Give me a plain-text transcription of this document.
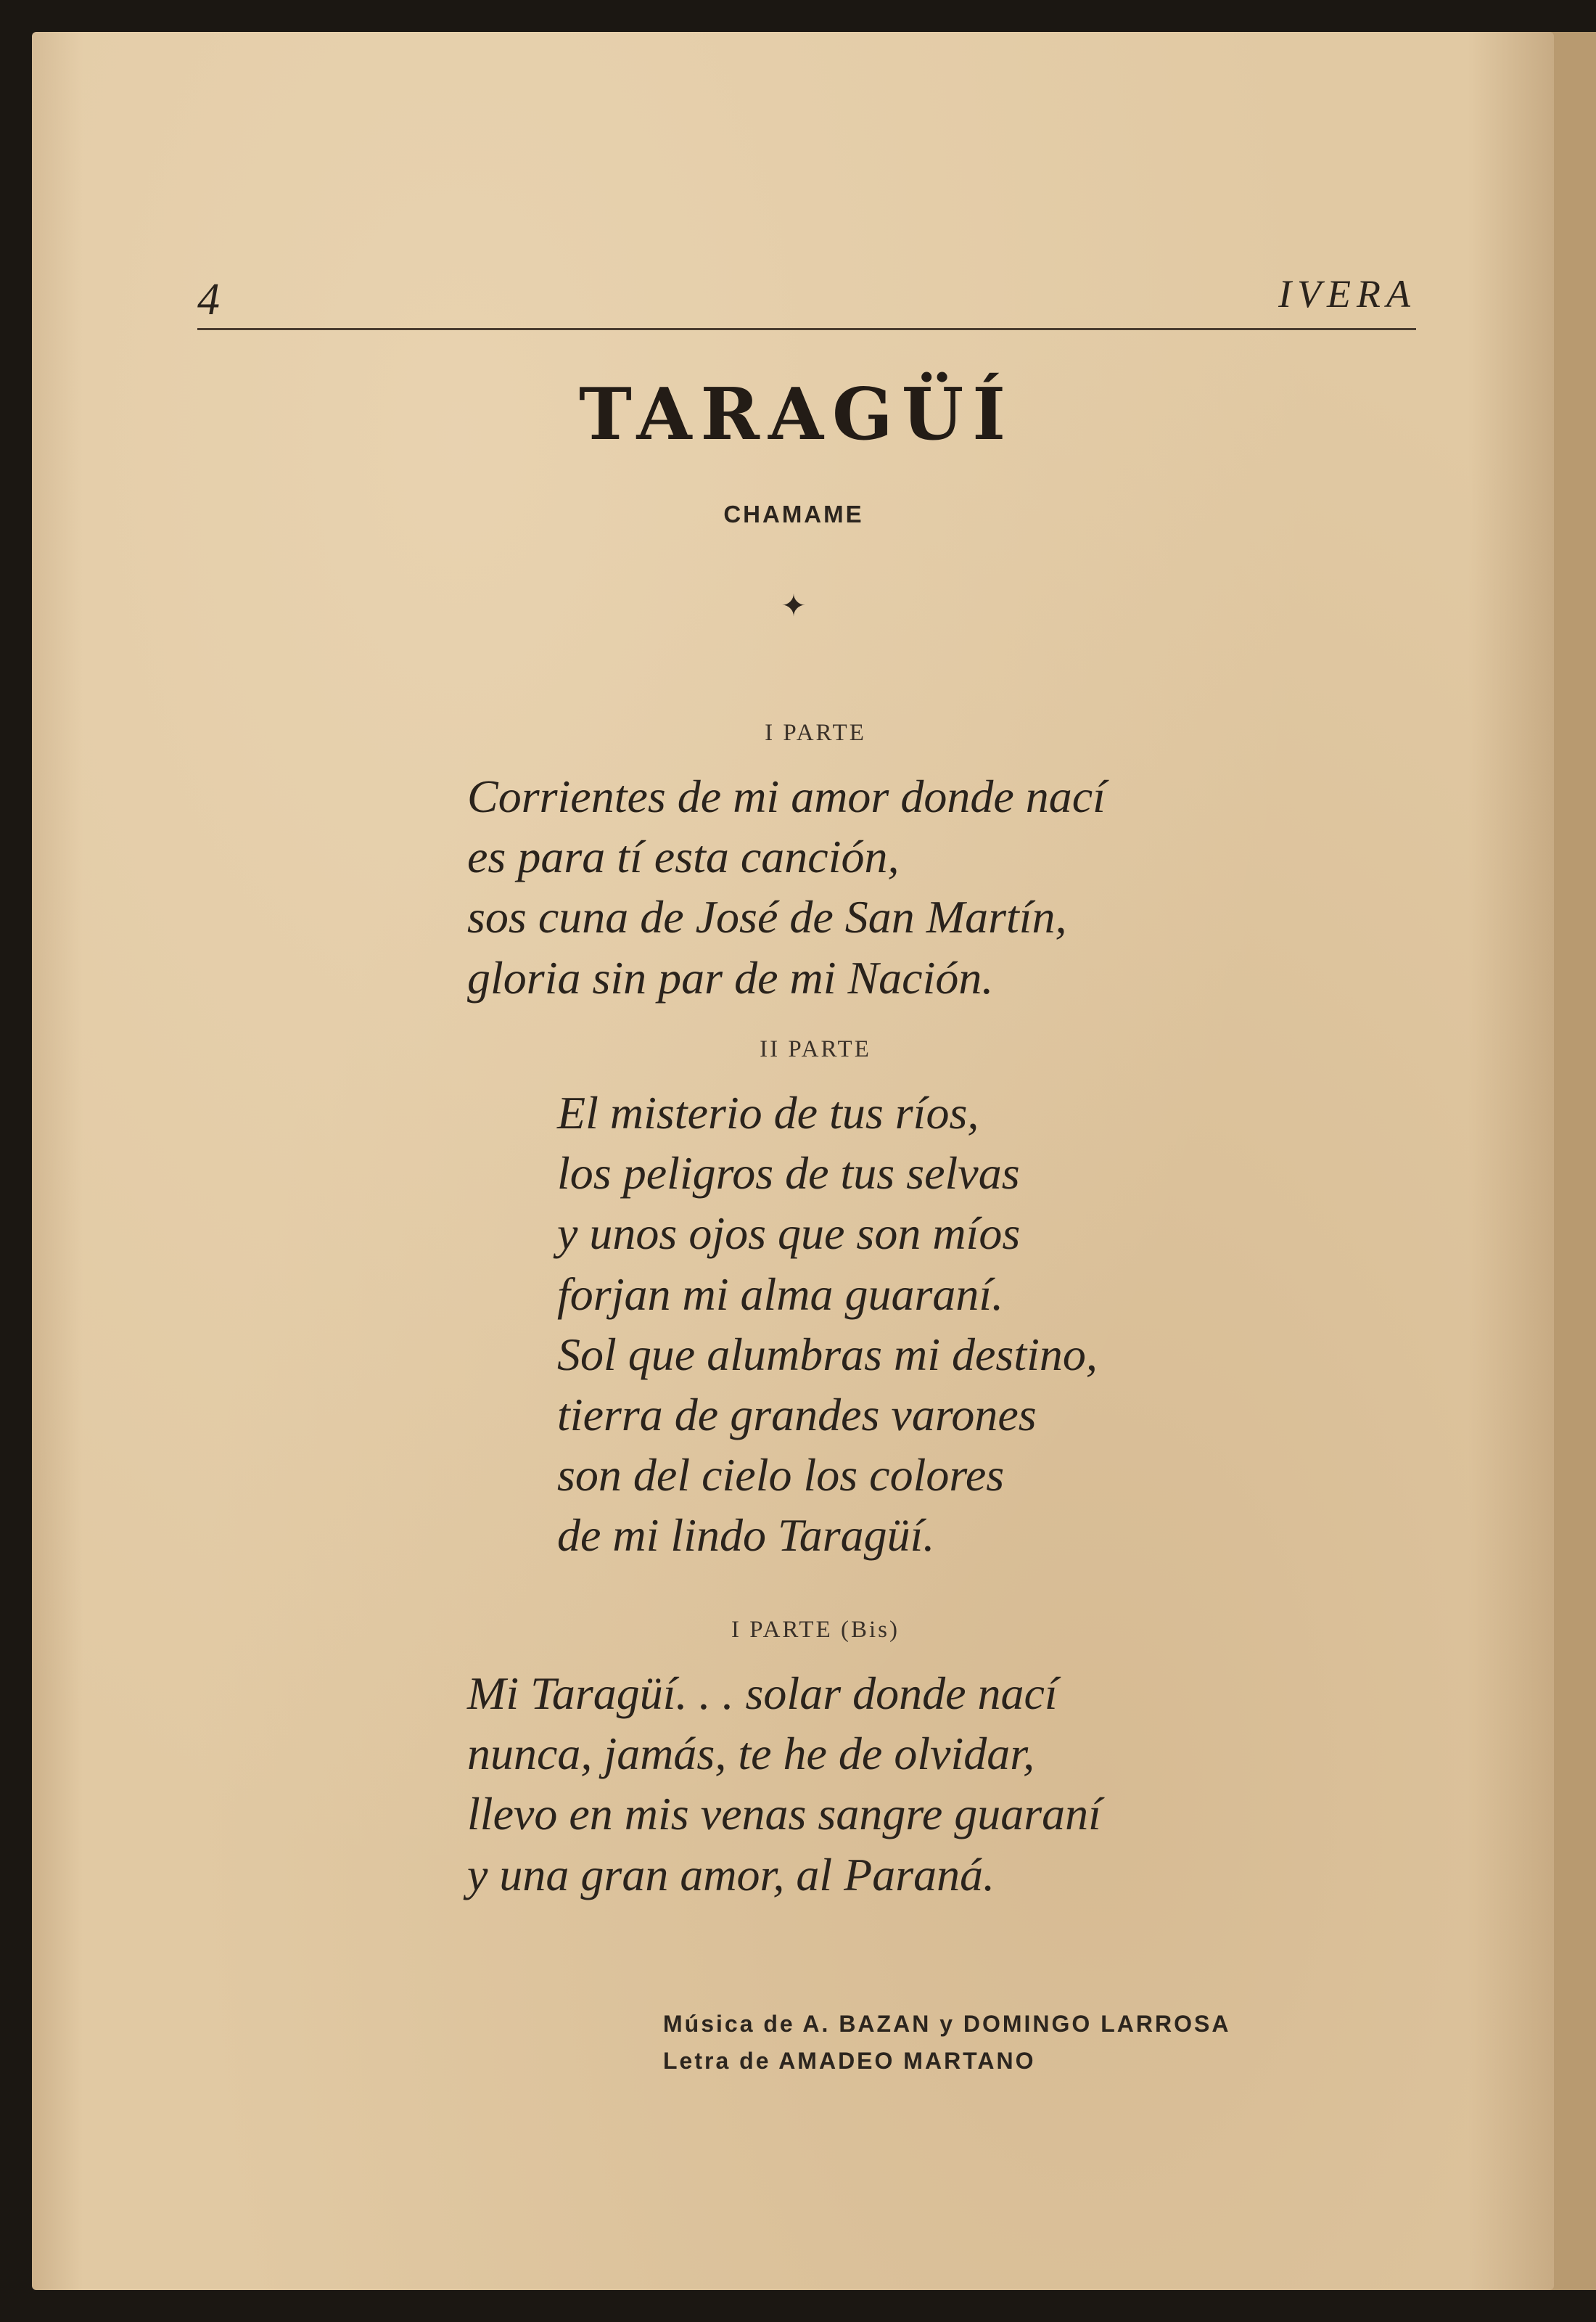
4	IVERA
TARAGÜÍ
CHAMAME
✦
I PARTE
Corrientes de mi amor donde nací
es para tí esta canción,
sos cuna de José de San Martín,
gloria sin par de mi Nación.
II PARTE
El misterio de tus ríos,
los peligros de tus selvas
y unos ojos que son míos
forjan mi alma guaraní.
Sol que alumbras mi destino,
tierra de grandes varones
son del cielo los colores
de mi lindo Taragüí.
I PARTE (Bis)
Mi Taragüí. . . solar donde nací
nunca, jamás, te he de olvidar,
llevo en mis venas sangre guaraní
y una gran amor, al Paraná.
Música de A. BAZAN y DOMINGO LARROSA
Letra de AMADEO MARTANO
